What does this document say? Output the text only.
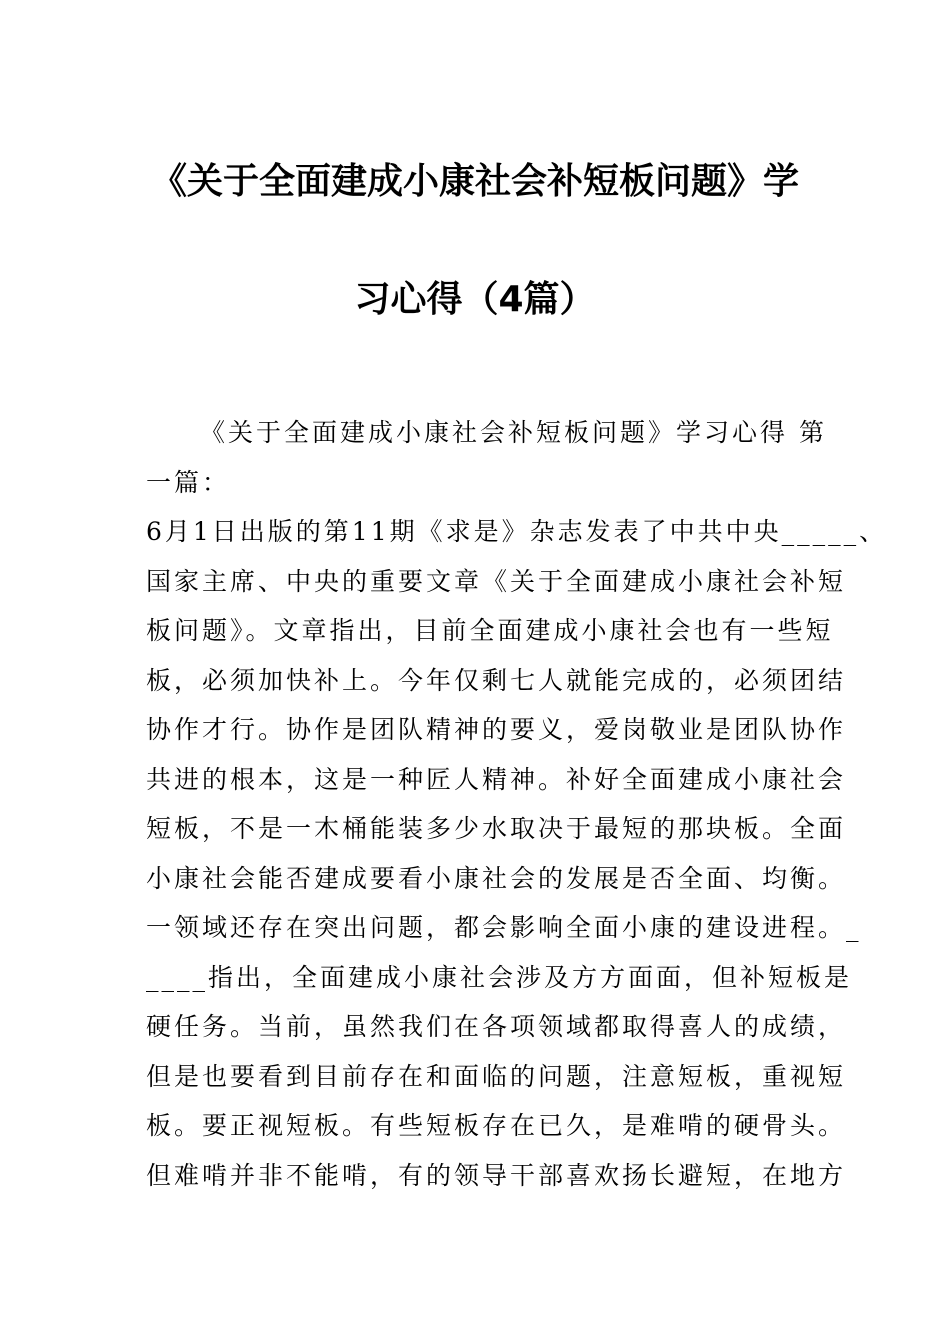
《关于全面建成小康社会补短板问题》学
习心得（4篇）
《关于全面建成小康社会补短板问题》学习心得 第
一篇：
6月1日出版的第11期《求是》杂志发表了中共中央_____、
国家主席、中央的重要文章《关于全面建成小康社会补短
板问题》。文章指出，目前全面建成小康社会也有一些短
板，必须加快补上。今年仅剩七人就能完成的，必须团结
协作才行。协作是团队精神的要义，爱岗敬业是团队协作
共进的根本，这是一种匠人精神。补好全面建成小康社会
短板，不是一木桶能装多少水取决于最短的那块板。全面
小康社会能否建成要看小康社会的发展是否全面、均衡。
一领域还存在突出问题，都会影响全面小康的建设进程。_
____指出，全面建成小康社会涉及方方面面，但补短板是
硬任务。当前，虽然我们在各项领域都取得喜人的成绩，
但是也要看到目前存在和面临的问题，注意短板，重视短
板。要正视短板。有些短板存在已久，是难啃的硬骨头。
但难啃并非不能啃，有的领导干部喜欢扬长避短，在地方
